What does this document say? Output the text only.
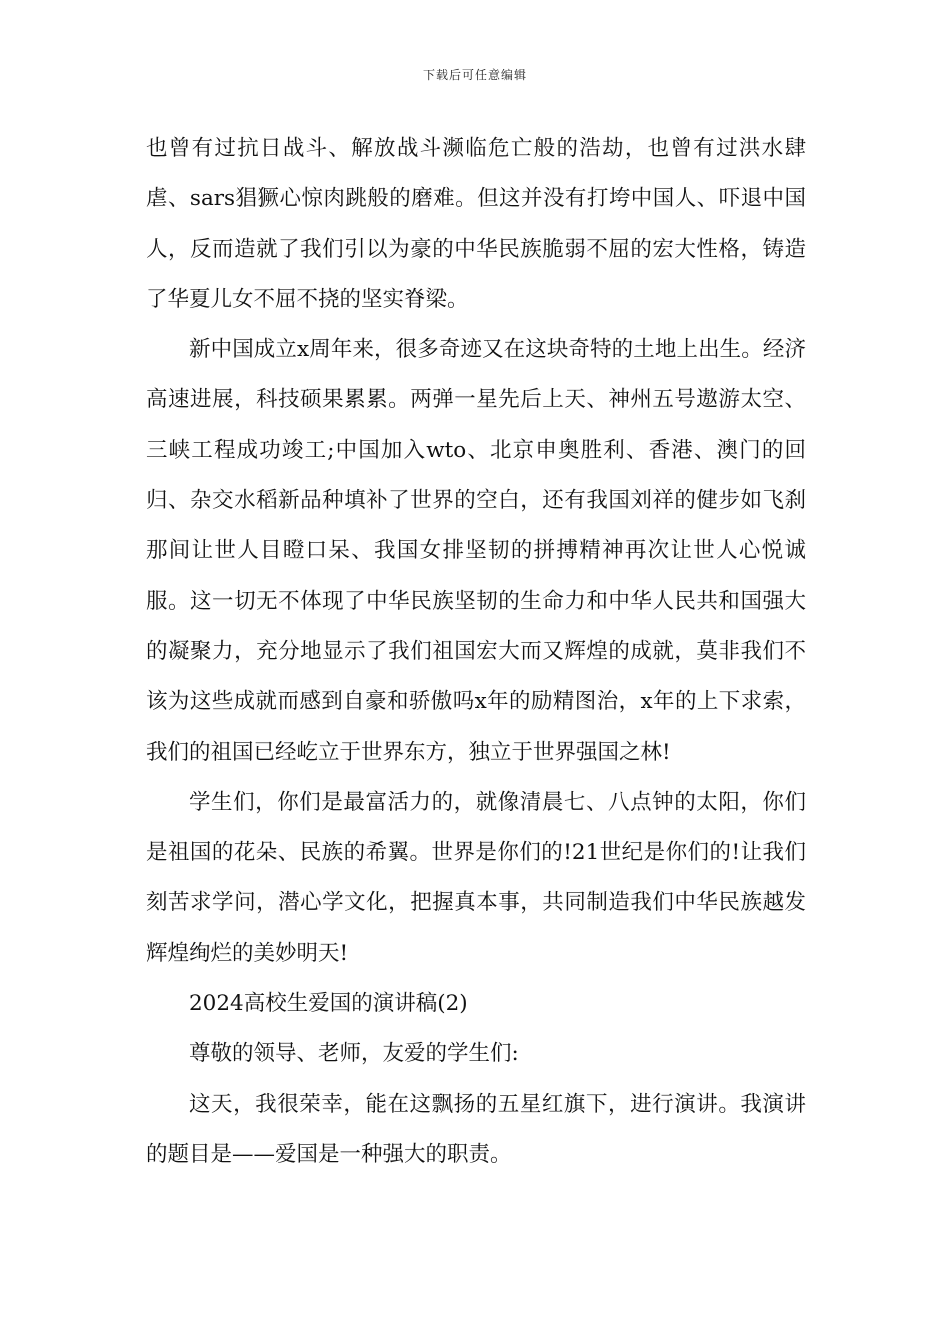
下载后可任意编辑

也曾有过抗日战斗、解放战斗濒临危亡般的浩劫，也曾有过洪水肆虐、sars猖獗心惊肉跳般的磨难。但这并没有打垮中国人、吓退中国人，反而造就了我们引以为豪的中华民族脆弱不屈的宏大性格，铸造了华夏儿女不屈不挠的坚实脊梁。

新中国成立x周年来，很多奇迹又在这块奇特的土地上出生。经济高速进展，科技硕果累累。两弹一星先后上天、神州五号遨游太空、三峡工程成功竣工;中国加入wto、北京申奥胜利、香港、澳门的回归、杂交水稻新品种填补了世界的空白，还有我国刘祥的健步如飞刹那间让世人目瞪口呆、我国女排坚韧的拼搏精神再次让世人心悦诚服。这一切无不体现了中华民族坚韧的生命力和中华人民共和国强大的凝聚力，充分地显示了我们祖国宏大而又辉煌的成就，莫非我们不该为这些成就而感到自豪和骄傲吗x年的励精图治，x年的上下求索，我们的祖国已经屹立于世界东方，独立于世界强国之林!

学生们，你们是最富活力的，就像清晨七、八点钟的太阳，你们是祖国的花朵、民族的希翼。世界是你们的!21世纪是你们的!让我们刻苦求学问，潜心学文化，把握真本事，共同制造我们中华民族越发辉煌绚烂的美妙明天!

2024高校生爱国的演讲稿(2)

尊敬的领导、老师，友爱的学生们:

这天，我很荣幸，能在这飘扬的五星红旗下，进行演讲。我演讲的题目是——爱国是一种强大的职责。
